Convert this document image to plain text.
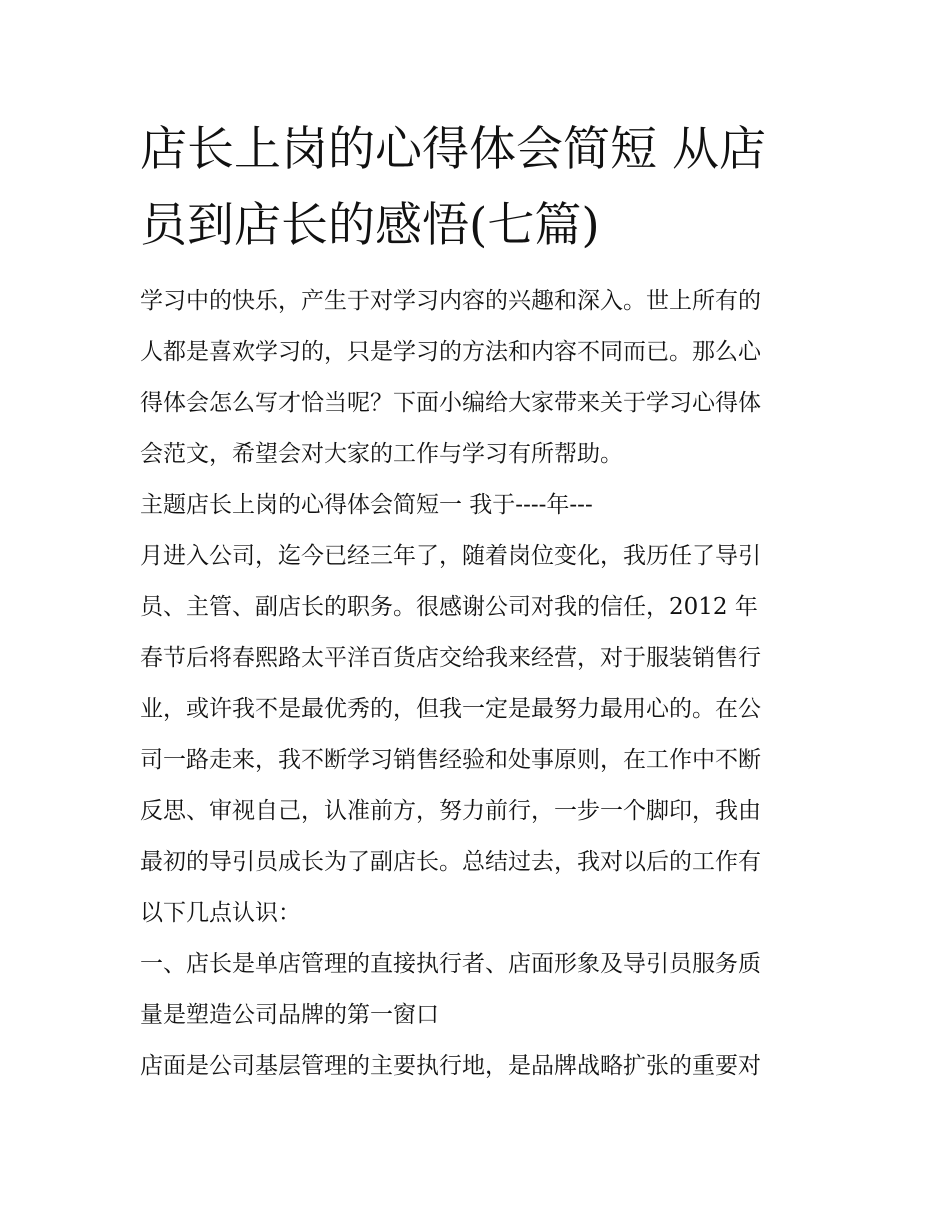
店长上岗的心得体会简短 从店
员到店长的感悟(七篇)
学习中的快乐，产生于对学习内容的兴趣和深入。世上所有的
人都是喜欢学习的，只是学习的方法和内容不同而已。那么心
得体会怎么写才恰当呢？下面小编给大家带来关于学习心得体
会范文，希望会对大家的工作与学习有所帮助。
主题店长上岗的心得体会简短一 我于----年---
月进入公司，迄今已经三年了，随着岗位变化，我历任了导引
员、主管、副店长的职务。很感谢公司对我的信任，2012 年
春节后将春熙路太平洋百货店交给我来经营，对于服装销售行
业，或许我不是最优秀的，但我一定是最努力最用心的。在公
司一路走来，我不断学习销售经验和处事原则，在工作中不断
反思、审视自己，认准前方，努力前行，一步一个脚印，我由
最初的导引员成长为了副店长。总结过去，我对以后的工作有
以下几点认识：
一、店长是单店管理的直接执行者、店面形象及导引员服务质
量是塑造公司品牌的第一窗口
店面是公司基层管理的主要执行地，是品牌战略扩张的重要对
